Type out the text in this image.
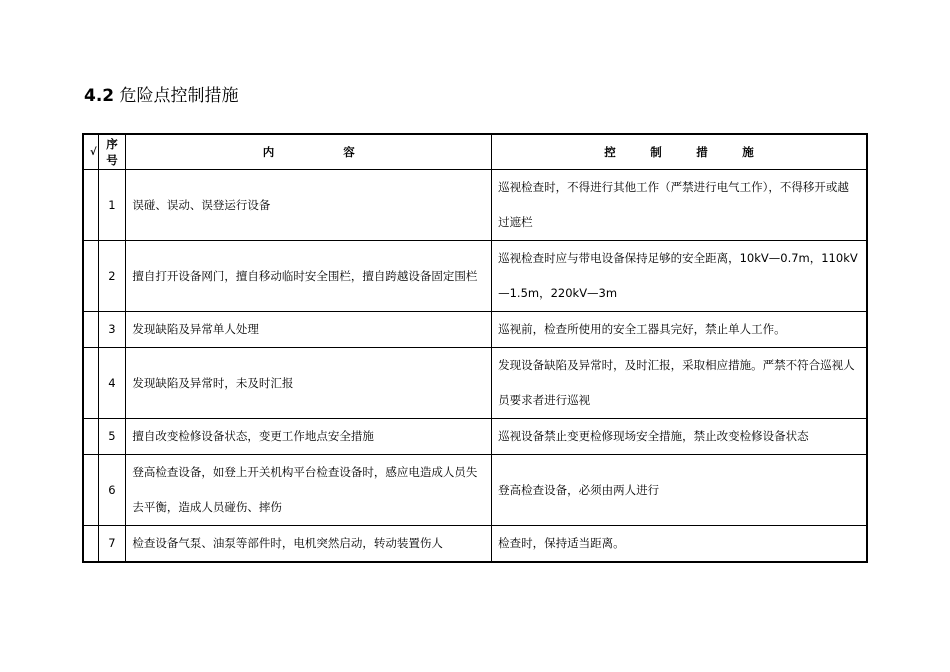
4.2 危险点控制措施
√	序号	内　　　　　　容	控　　　制　　　措　　　施
	1	误碰、误动、误登运行设备	巡视检查时，不得进行其他工作（严禁进行电气工作），不得移开或越过遮栏
	2	擅自打开设备网门，擅自移动临时安全围栏，擅自跨越设备固定围栏	巡视检查时应与带电设备保持足够的安全距离，10kV—0.7m，110kV—1.5m，220kV—3m
	3	发现缺陷及异常单人处理	巡视前，检查所使用的安全工器具完好，禁止单人工作。
	4	发现缺陷及异常时，未及时汇报	发现设备缺陷及异常时，及时汇报，采取相应措施。严禁不符合巡视人员要求者进行巡视
	5	擅自改变检修设备状态，变更工作地点安全措施	巡视设备禁止变更检修现场安全措施，禁止改变检修设备状态
	6	登高检查设备，如登上开关机构平台检查设备时，感应电造成人员失去平衡，造成人员碰伤、摔伤	登高检查设备，必须由两人进行
	7	检查设备气泵、油泵等部件时，电机突然启动，转动装置伤人	检查时，保持适当距离。
